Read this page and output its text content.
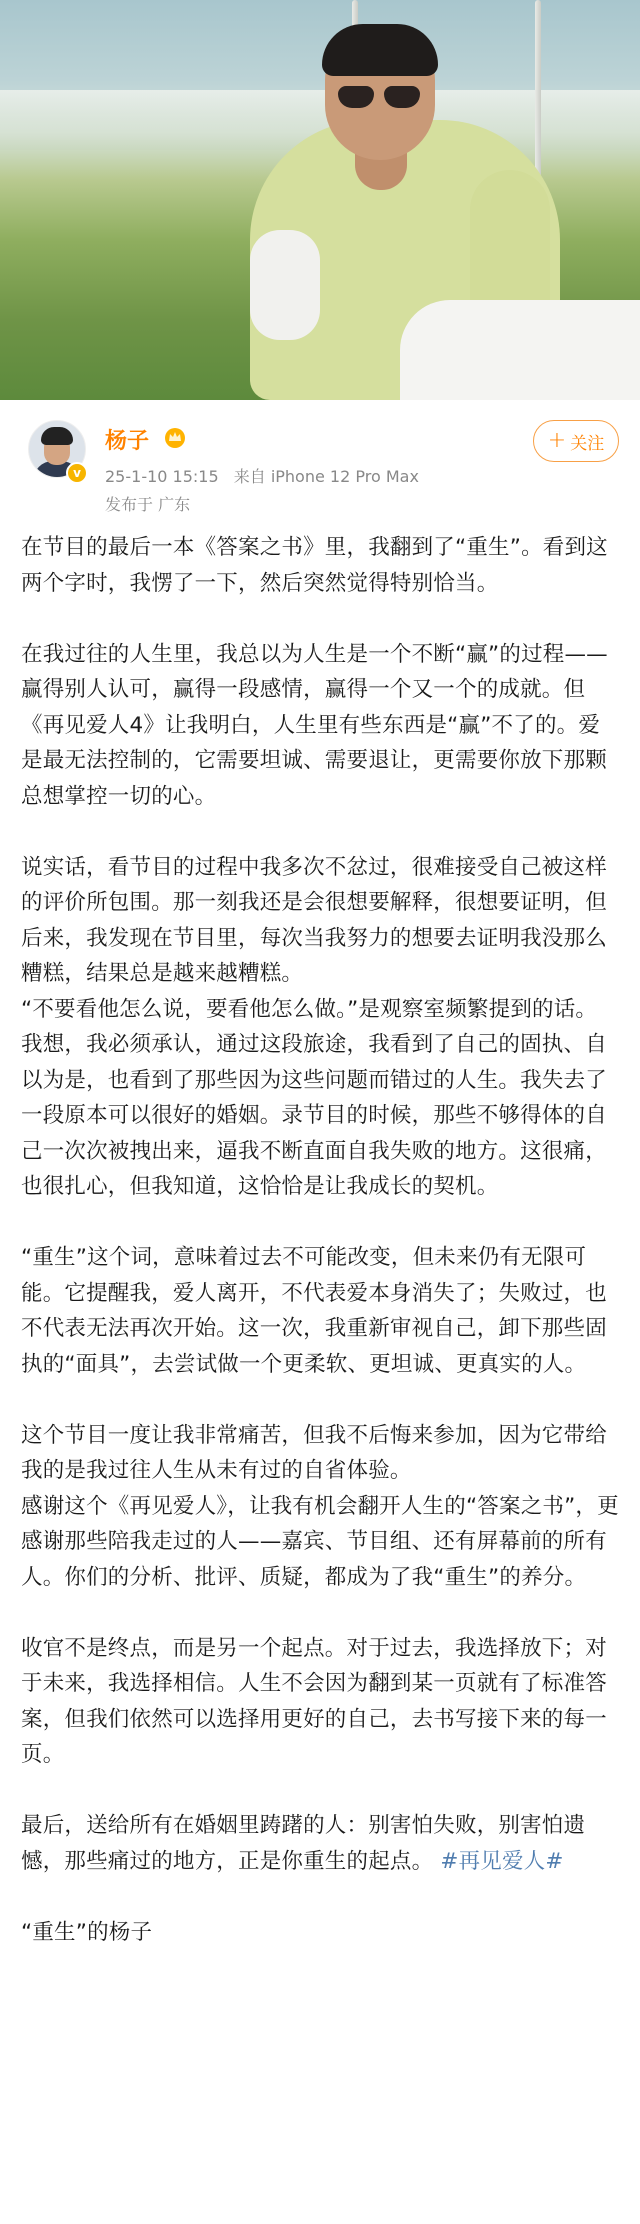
v
杨子
25-1-10 15:15 来自 iPhone 12 Pro Max
发布于 广东
+ 关注

在节目的最后一本《答案之书》里，我翻到了“重生”。看到这两个字时，我愣了一下，然后突然觉得特别恰当。

在我过往的人生里，我总以为人生是一个不断“赢”的过程——赢得别人认可，赢得一段感情，赢得一个又一个的成就。但《再见爱人4》让我明白，人生里有些东西是“赢”不了的。爱是最无法控制的，它需要坦诚、需要退让，更需要你放下那颗总想掌控一切的心。

说实话，看节目的过程中我多次不忿过，很难接受自己被这样的评价所包围。那一刻我还是会很想要解释，很想要证明，但后来，我发现在节目里，每次当我努力的想要去证明我没那么糟糕，结果总是越来越糟糕。

“不要看他怎么说，要看他怎么做。”是观察室频繁提到的话。

我想，我必须承认，通过这段旅途，我看到了自己的固执、自以为是，也看到了那些因为这些问题而错过的人生。我失去了一段原本可以很好的婚姻。录节目的时候，那些不够得体的自己一次次被拽出来，逼我不断直面自我失败的地方。这很痛，也很扎心，但我知道，这恰恰是让我成长的契机。

“重生”这个词，意味着过去不可能改变，但未来仍有无限可能。它提醒我，爱人离开，不代表爱本身消失了；失败过，也不代表无法再次开始。这一次，我重新审视自己，卸下那些固执的“面具”，去尝试做一个更柔软、更坦诚、更真实的人。

这个节目一度让我非常痛苦，但我不后悔来参加，因为它带给我的是我过往人生从未有过的自省体验。

感谢这个《再见爱人》，让我有机会翻开人生的“答案之书”，更感谢那些陪我走过的人——嘉宾、节目组、还有屏幕前的所有人。你们的分析、批评、质疑，都成为了我“重生”的养分。

收官不是终点，而是另一个起点。对于过去，我选择放下；对于未来，我选择相信。人生不会因为翻到某一页就有了标准答案，但我们依然可以选择用更好的自己，去书写接下来的每一页。

最后，送给所有在婚姻里踌躇的人：别害怕失败，别害怕遗憾，那些痛过的地方，正是你重生的起点。 #再见爱人#

“重生”的杨子
